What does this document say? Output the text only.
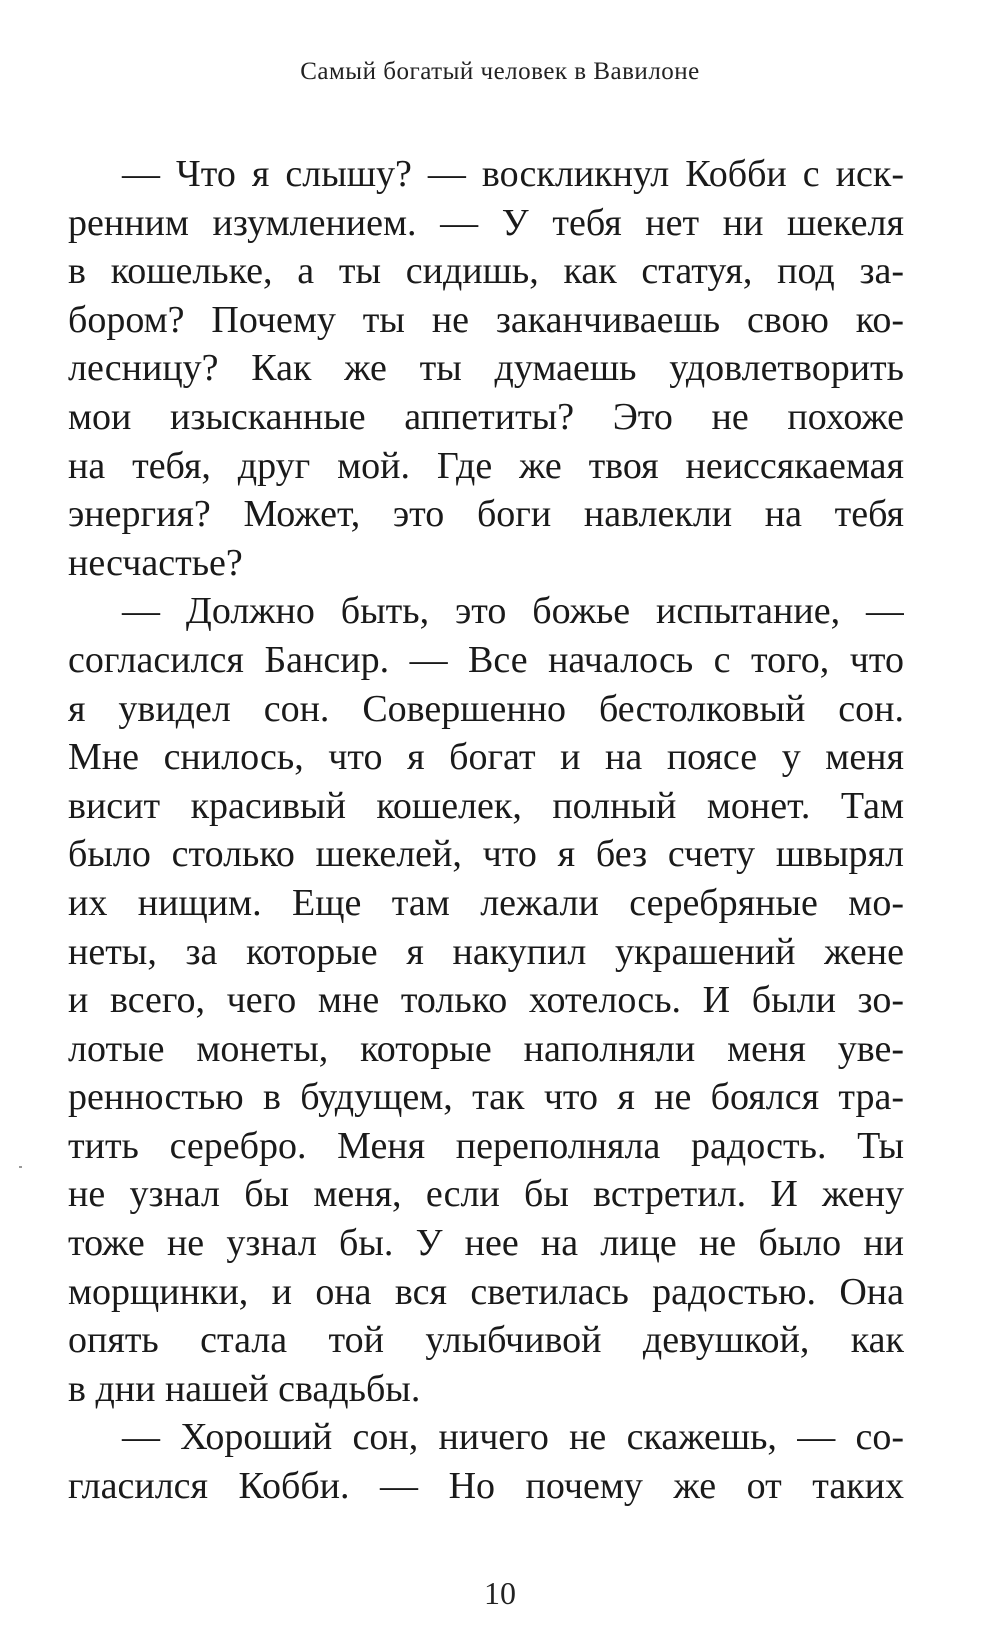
Самый богатый человек в Вавилоне
— Что я слышу? — воскликнул Кобби с иск-
ренним изумлением. — У тебя нет ни шекеля
в кошельке, а ты сидишь, как статуя, под за-
бором? Почему ты не заканчиваешь свою ко-
лесницу? Как же ты думаешь удовлетворить
мои изысканные аппетиты? Это не похоже
на тебя, друг мой. Где же твоя неиссякаемая
энергия? Может, это боги навлекли на тебя
несчастье?
— Должно быть, это божье испытание, —
согласился Бансир. — Все началось с того, что
я увидел сон. Совершенно бестолковый сон.
Мне снилось, что я богат и на поясе у меня
висит красивый кошелек, полный монет. Там
было столько шекелей, что я без счету швырял
их нищим. Еще там лежали серебряные мо-
неты, за которые я накупил украшений жене
и всего, чего мне только хотелось. И были зо-
лотые монеты, которые наполняли меня уве-
ренностью в будущем, так что я не боялся тра-
тить серебро. Меня переполняла радость. Ты
не узнал бы меня, если бы встретил. И жену
тоже не узнал бы. У нее на лице не было ни
морщинки, и она вся светилась радостью. Она
опять стала той улыбчивой девушкой, как
в дни нашей свадьбы.
— Хороший сон, ничего не скажешь, — со-
гласился Кобби. — Но почему же от таких
10
